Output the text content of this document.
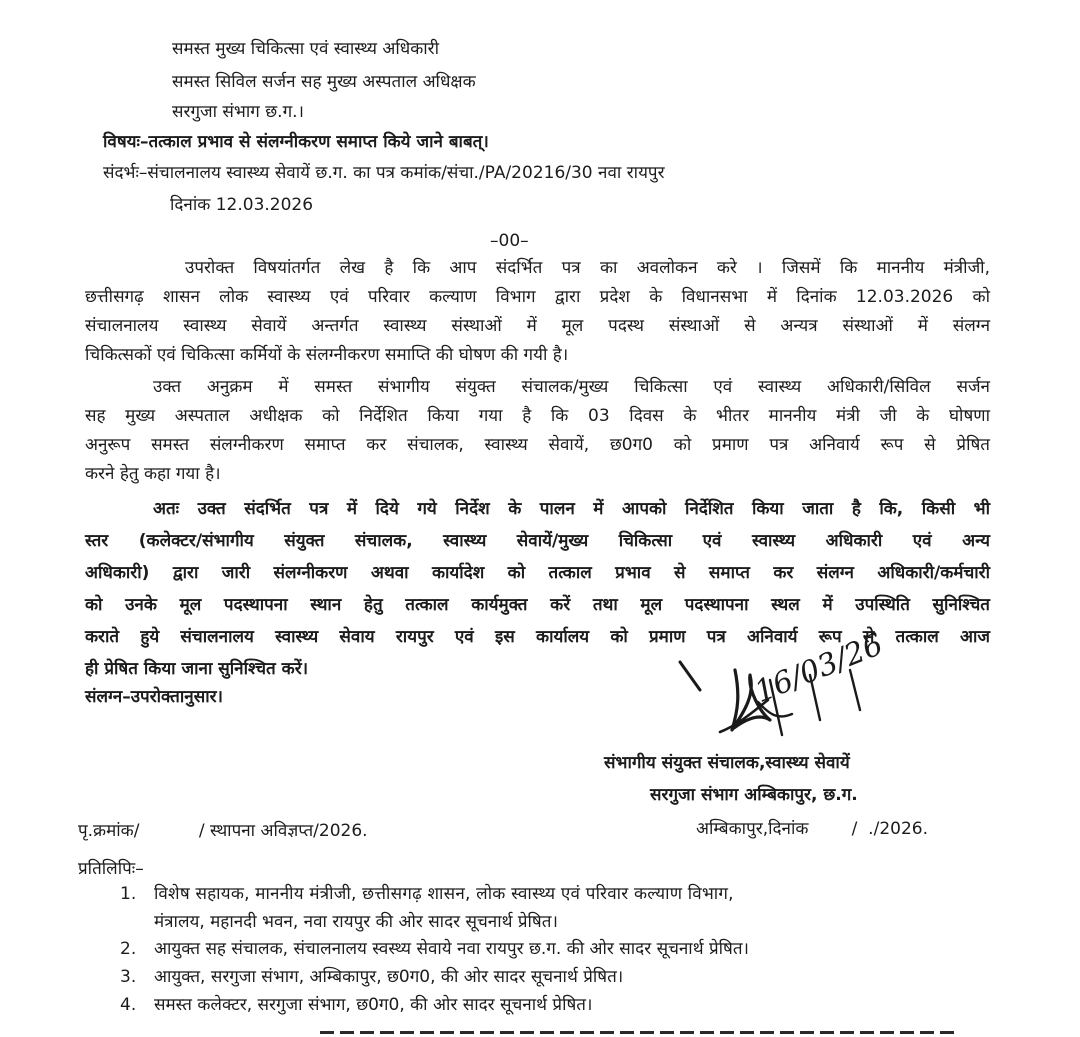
समस्त मुख्य चिकित्सा एवं स्वास्थ्य अधिकारी
समस्त सिविल सर्जन सह मुख्य अस्पताल अधिक्षक
सरगुजा संभाग छ.ग.।
विषयः–तत्काल प्रभाव से संलग्नीकरण समाप्त किये जाने बाबत्।
संदर्भः–संचालनालय स्वास्थ्य सेवायें छ.ग. का पत्र कमांक/संचा./PA/20216/30 नवा रायपुर
दिनांक 12.03.2026
–00–
उपरोक्त विषयांतर्गत लेख है कि आप संदर्भित पत्र का अवलोकन करे । जिसमें कि माननीय मंत्रीजी,
छत्तीसगढ़ शासन लोक स्वास्थ्य एवं परिवार कल्याण विभाग द्वारा प्रदेश के विधानसभा में दिनांक 12.03.2026 को
संचालनालय स्वास्थ्य सेवायें अन्तर्गत स्वास्थ्य संस्थाओं में मूल पदस्थ संस्थाओं से अन्यत्र संस्थाओं में संलग्न
चिकित्सकों एवं चिकित्सा कर्मियों के संलग्नीकरण समाप्ति की घोषण की गयी है।
उक्त अनुक्रम में समस्त संभागीय संयुक्त संचालक/मुख्य चिकित्सा एवं स्वास्थ्य अधिकारी/सिविल सर्जन
सह मुख्य अस्पताल अधीक्षक को निर्देशित किया गया है कि 03 दिवस के भीतर माननीय मंत्री जी के घोषणा
अनुरूप समस्त संलग्नीकरण समाप्त कर संचालक, स्वास्थ्य सेवायें, छ0ग0 को प्रमाण पत्र अनिवार्य रूप से प्रेषित
करने हेतु कहा गया है।
अतः उक्त संदर्भित पत्र में दिये गये निर्देश के पालन में आपको निर्देशित किया जाता है कि, किसी भी
स्तर (कलेक्टर/संभागीय संयुक्त संचालक, स्वास्थ्य सेवायें/मुख्य चिकित्सा एवं स्वास्थ्य अधिकारी एवं अन्य
अधिकारी) द्वारा जारी संलग्नीकरण अथवा कार्यादेश को तत्काल प्रभाव से समाप्त कर संलग्न अधिकारी/कर्मचारी
को उनके मूल पदस्थापना स्थान हेतु तत्काल कार्यमुक्त करें तथा मूल पदस्थापना स्थल में उपस्थिति सुनिश्चित
कराते हुये संचालनालय स्वास्थ्य सेवाय रायपुर एवं इस कार्यालय को प्रमाण पत्र अनिवार्य रूप से तत्काल आज
ही प्रेषित किया जाना सुनिश्चित करें।
संलग्न–उपरोक्तानुसार।	16/03/26
संभागीय संयुक्त संचालक,स्वास्थ्य सेवायें
सरगुजा संभाग अम्बिकापुर, छ.ग.
पृ.क्रमांक/           / स्थापना अविज्ञप्त/2026.	अम्बिकापुर,दिनांक        /  ./2026.
प्रतिलिपिः–
1. विशेष सहायक, माननीय मंत्रीजी, छत्तीसगढ़ शासन, लोक स्वास्थ्य एवं परिवार कल्याण विभाग,
मंत्रालय, महानदी भवन, नवा रायपुर की ओर सादर सूचनार्थ प्रेषित।
2. आयुक्त सह संचालक, संचालनालय स्वस्थ्य सेवाये नवा रायपुर छ.ग. की ओर सादर सूचनार्थ प्रेषित।
3. आयुक्त, सरगुजा संभाग, अम्बिकापुर, छ0ग0, की ओर सादर सूचनार्थ प्रेषित।
4. समस्त कलेक्टर, सरगुजा संभाग, छ0ग0, की ओर सादर सूचनार्थ प्रेषित।
